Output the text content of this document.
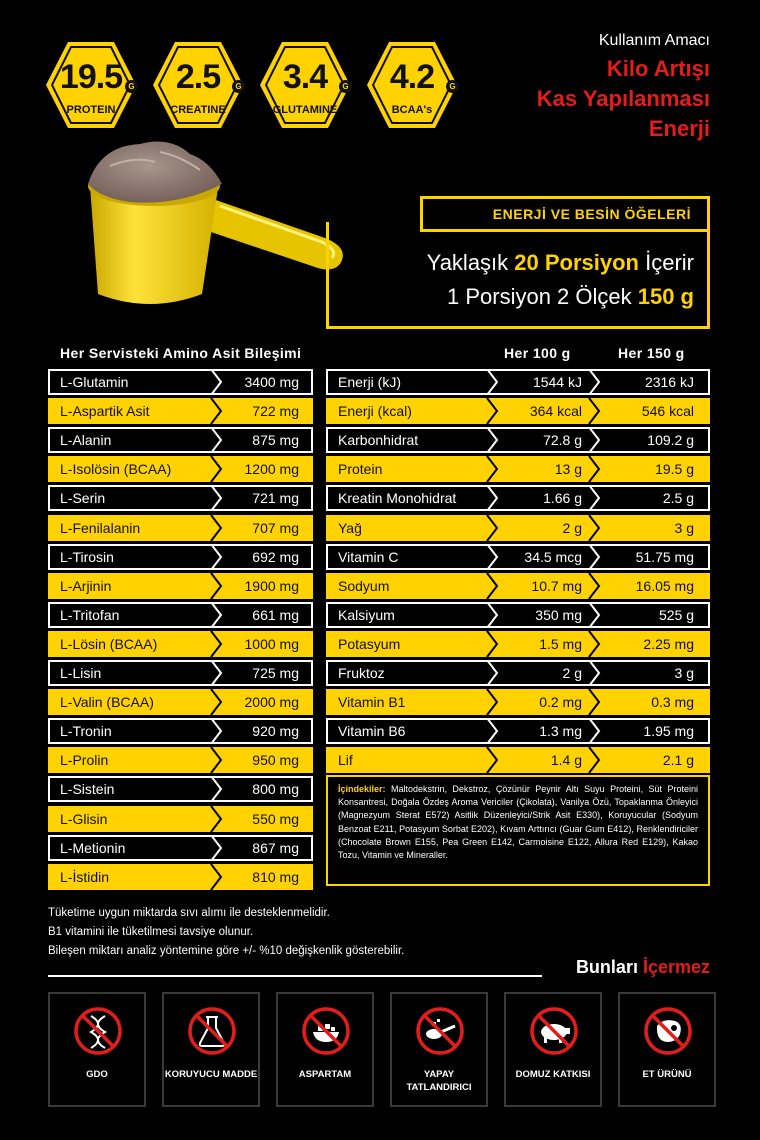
19.5 G
PROTEIN
2.5	G
CREATINE
3.4	G
GLUTAMINE
4.2	G
BCAA's
Kullanım Amacı
Kilo Artışı
Kas Yapılanması
Enerji
ENERJİ VE BESİN ÖĞELERİ
Yaklaşık 20 Porsiyon İçerir
1 Porsiyon 2 Ölçek 150 g
Her Servisteki Amino Asit Bileşimi	Her 100 g	Her 150 g
L-Glutamin	3400 mg
L-Aspartik Asit	722 mg
L-Alanin	875 mg
L-Isolösin (BCAA)	1200 mg
L-Serin	721 mg
L-Fenilalanin	707 mg
L-Tirosin	692 mg
L-Arjinin	1900 mg
L-Tritofan	661 mg
L-Lösin (BCAA)	1000 mg
L-Lisin	725 mg
L-Valin (BCAA)	2000 mg
L-Tronin	920 mg
L-Prolin	950 mg
L-Sistein	800 mg
L-Glisin	550 mg
L-Metionin	867 mg
L-İstidin	810 mg
Enerji (kJ)	1544 kJ	2316 kJ
Enerji (kcal)	364 kcal	546 kcal
Karbonhidrat	72.8 g	109.2 g
Protein	13 g	19.5 g
Kreatin Monohidrat	1.66 g	2.5 g
Yağ	2 g	3 g
Vitamin C	34.5 mcg	51.75 mg
Sodyum	10.7 mg	16.05 mg
Kalsiyum	350 mg	525 g
Potasyum	1.5 mg	2.25 mg
Fruktoz	2 g	3 g
Vitamin B1	0.2 mg	0.3 mg
Vitamin B6	1.3 mg	1.95 mg
Lif	1.4 g	2.1 g
İçindekiler: Maltodekstrin, Dekstroz, Çözünür Peynir Altı Suyu Proteini, Süt Proteini Konsantresi, Doğala Özdeş Aroma Vericiler (Çikolata), Vanilya Özü, Topaklanma Önleyici (Magnezyum Sterat E572) Asitlik Düzenleyici/Strik Asit E330), Koruyucular (Sodyum Benzoat E211, Potasyum Sorbat E202), Kıvam Arttırıcı (Guar Gum E412), Renklendiriciler (Chocolate Brown E155, Pea Green E142, Carmoisine E122, Allura Red E129), Kakao Tozu, Vitamin ve Mineraller.
Tüketime uygun miktarda sıvı alımı ile desteklenmelidir.
B1 vitamini ile tüketilmesi tavsiye olunur.
Bileşen miktarı analiz yöntemine göre +/- %10 değişkenlik gösterebilir.
Bunları İçermez
GDO	KORUYUCU MADDE	ASPARTAM	YAPAY TATLANDIRICI
DOMUZ KATKISI	ET ÜRÜNÜ
